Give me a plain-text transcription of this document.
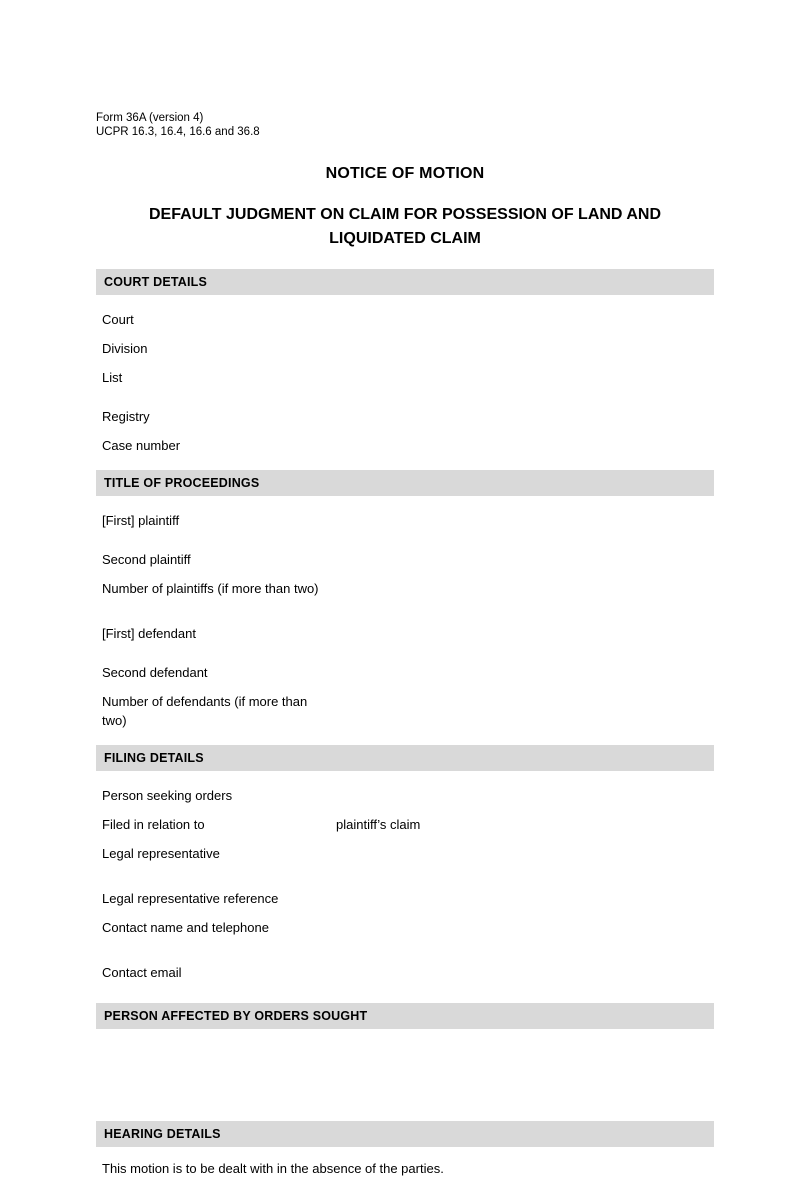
Form 36A (version 4)
UCPR 16.3, 16.4, 16.6 and 36.8
NOTICE OF MOTION
DEFAULT JUDGMENT ON CLAIM FOR POSSESSION OF LAND AND LIQUIDATED CLAIM
COURT DETAILS
Court
Division
List
Registry
Case number
TITLE OF PROCEEDINGS
[First] plaintiff
Second plaintiff
Number of plaintiffs (if more than two)
[First] defendant
Second defendant
Number of defendants (if more than two)
FILING DETAILS
Person seeking orders
Filed in relation to	plaintiff’s claim
Legal representative
Legal representative reference
Contact name and telephone
Contact email
PERSON AFFECTED BY ORDERS SOUGHT
HEARING DETAILS
This motion is to be dealt with in the absence of the parties.
